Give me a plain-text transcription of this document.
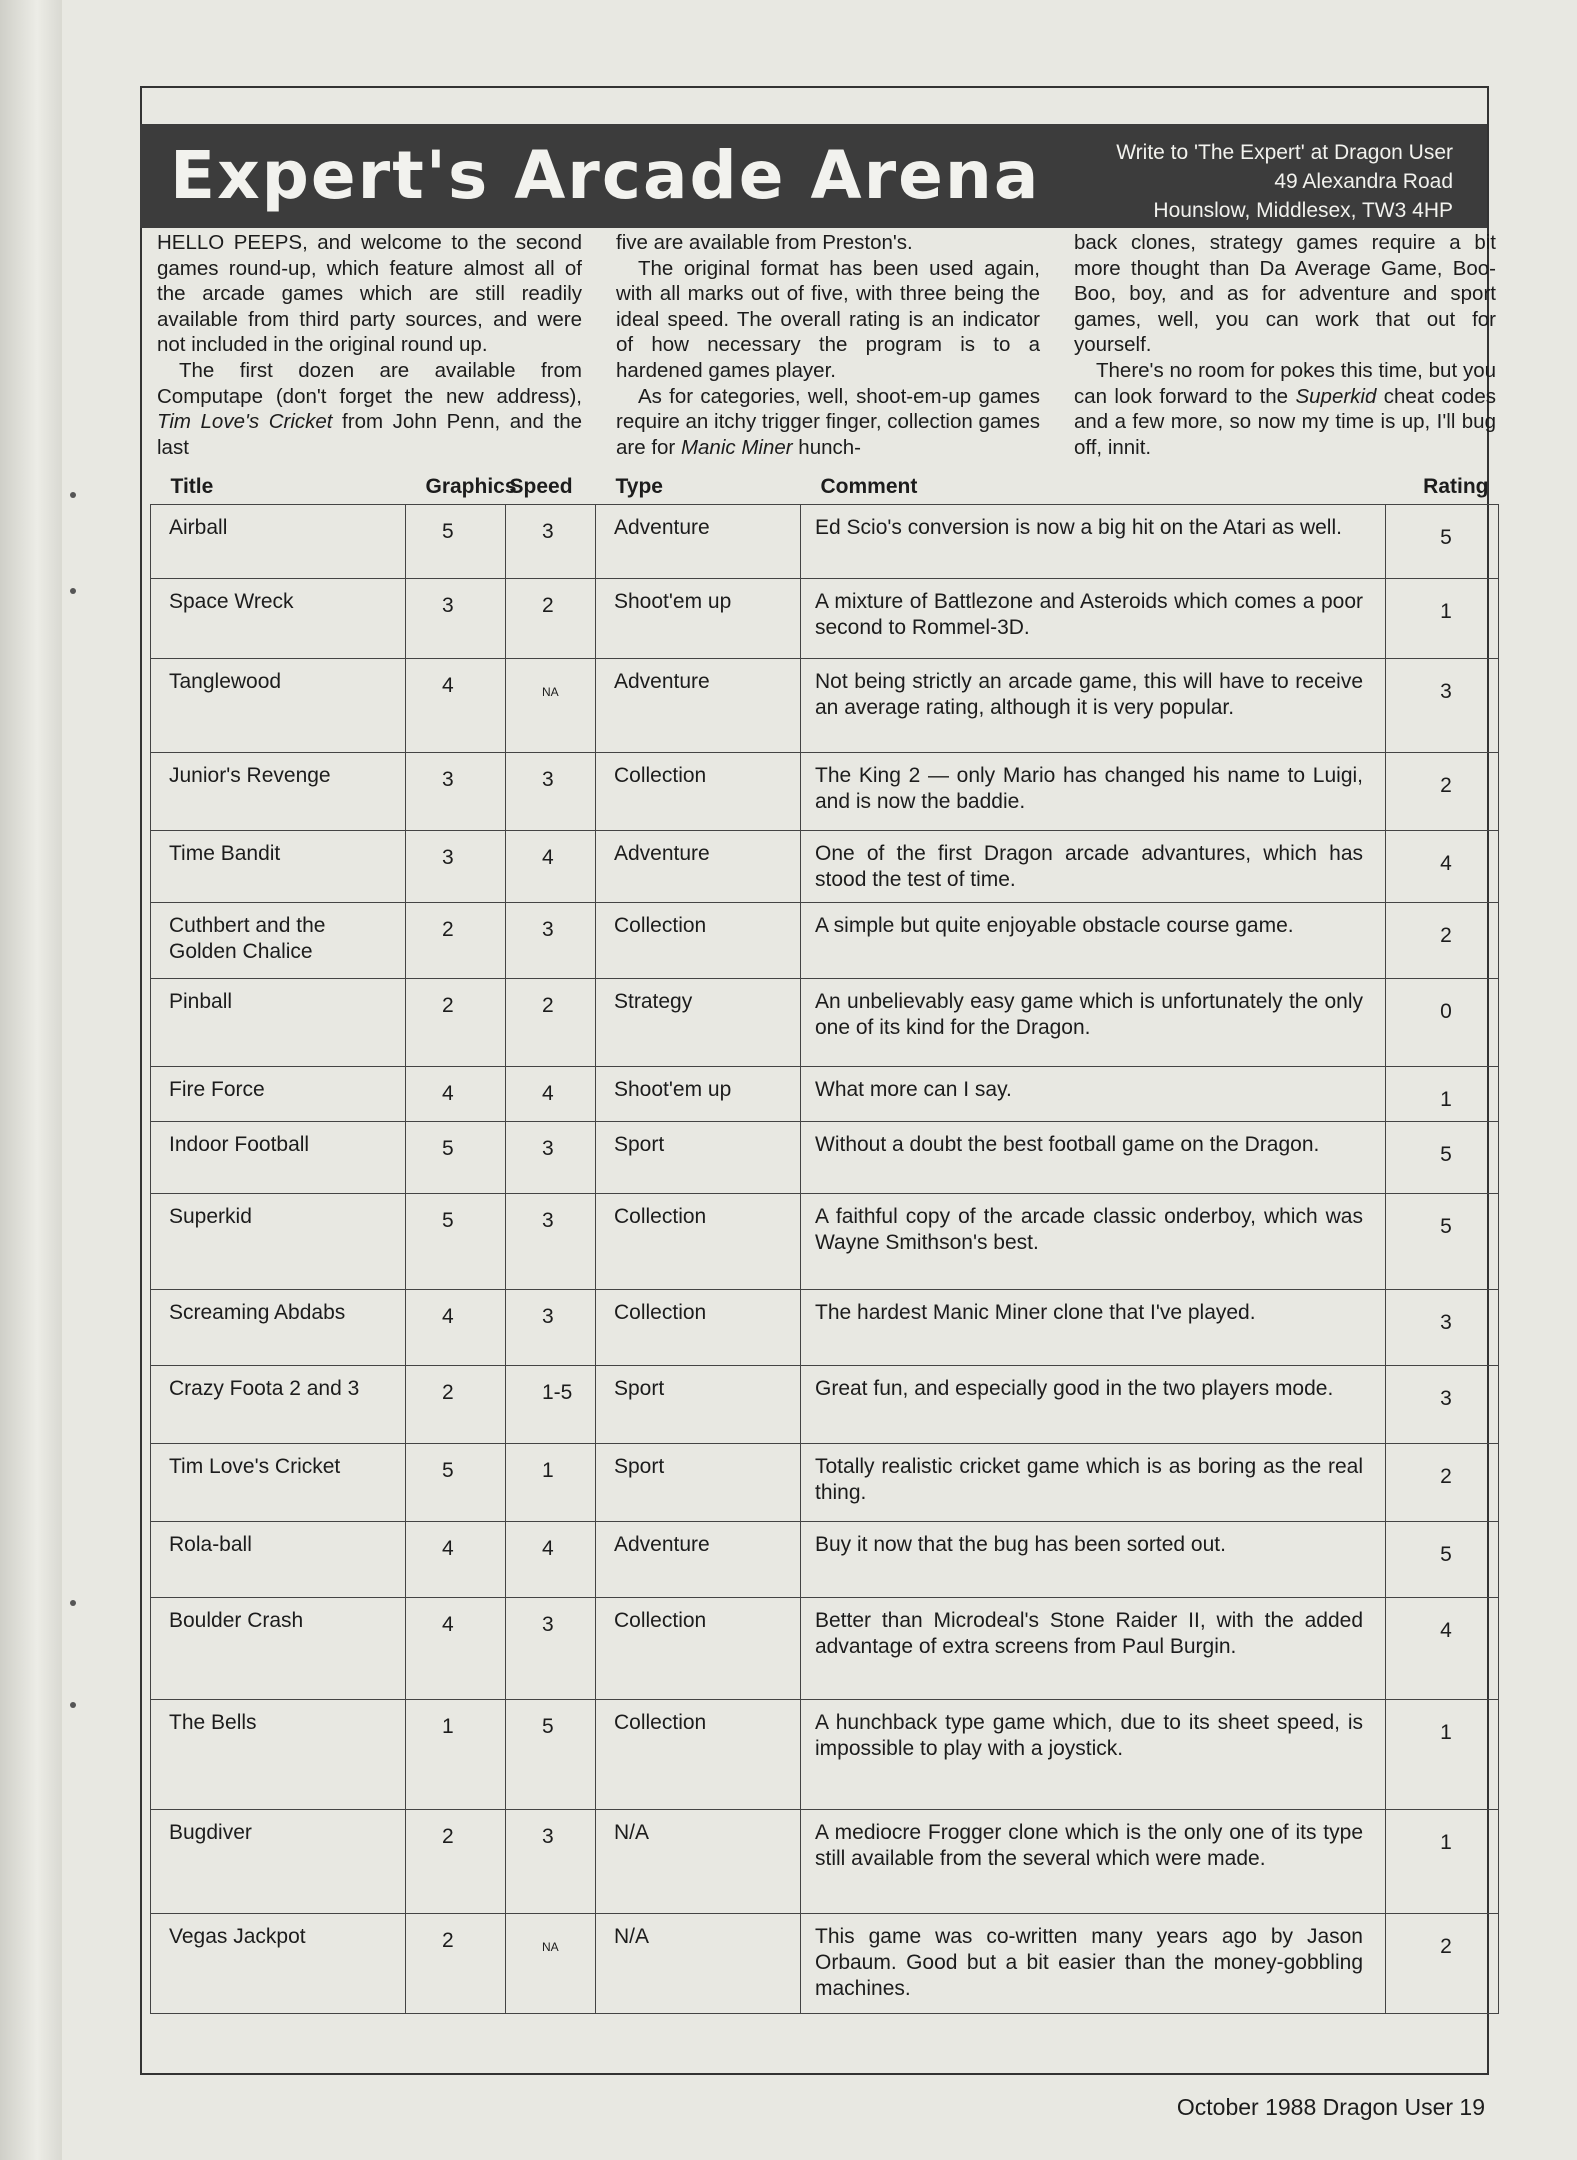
Expert's Arcade Arena	Write to 'The Expert' at Dragon User
49 Alexandra Road
Hounslow, Middlesex, TW3 4HP

HELLO PEEPS, and welcome to the second games round-up, which feature almost all of the arcade games which are still readily available from third party sources, and were not included in the original round up.

The first dozen are available from Computape (don't forget the new address), Tim Love's Cricket from John Penn, and the last

five are available from Preston's.

The original format has been used again, with all marks out of five, with three being the ideal speed. The overall rating is an indicator of how necessary the program is to a hardened games player.

As for categories, well, shoot-em-up games require an itchy trigger finger, collection games are for Manic Miner hunch-

back clones, strategy games require a bit more thought than Da Average Game, Boo-Boo, boy, and as for adventure and sport games, well, you can work that out for yourself.

There's no room for pokes this time, but you can look forward to the Superkid cheat codes and a few more, so now my time is up, I'll bug off, innit.

Title	Graphics	Speed	Type	Comment	Rating
Airball	5	3	Adventure	Ed Scio's conversion is now a big hit on the Atari as well.	5
Space Wreck	3	2	Shoot'em up	A mixture of Battlezone and Asteroids which comes a poor second to Rommel-3D.	1
Tanglewood	4	NA	Adventure	Not being strictly an arcade game, this will have to receive an average rating, although it is very popular.	3
Junior's Revenge	3	3	Collection	The King 2 — only Mario has changed his name to Luigi, and is now the baddie.	2
Time Bandit	3	4	Adventure	One of the first Dragon arcade advantures, which has stood the test of time.	4
Cuthbert and the Golden Chalice	2	3	Collection	A simple but quite enjoyable obstacle course game.	2
Pinball	2	2	Strategy	An unbelievably easy game which is unfortunately the only one of its kind for the Dragon.	0
Fire Force	4	4	Shoot'em up	What more can I say.	1
Indoor Football	5	3	Sport	Without a doubt the best football game on the Dragon.	5
Superkid	5	3	Collection	A faithful copy of the arcade classic onderboy, which was Wayne Smithson's best.	5
Screaming Abdabs	4	3	Collection	The hardest Manic Miner clone that I've played.	3
Crazy Foota 2 and 3	2	1-5	Sport	Great fun, and especially good in the two players mode.	3
Tim Love's Cricket	5	1	Sport	Totally realistic cricket game which is as boring as the real thing.	2
Rola-ball	4	4	Adventure	Buy it now that the bug has been sorted out.	5
Boulder Crash	4	3	Collection	Better than Microdeal's Stone Raider II, with the added advantage of extra screens from Paul Burgin.	4
The Bells	1	5	Collection	A hunchback type game which, due to its sheet speed, is impossible to play with a joystick.	1
Bugdiver	2	3	N/A	A mediocre Frogger clone which is the only one of its type still available from the several which were made.	1
Vegas Jackpot	2	NA	N/A	This game was co-written many years ago by Jason Orbaum. Good but a bit easier than the money-gobbling machines.	2
October 1988 Dragon User 19
